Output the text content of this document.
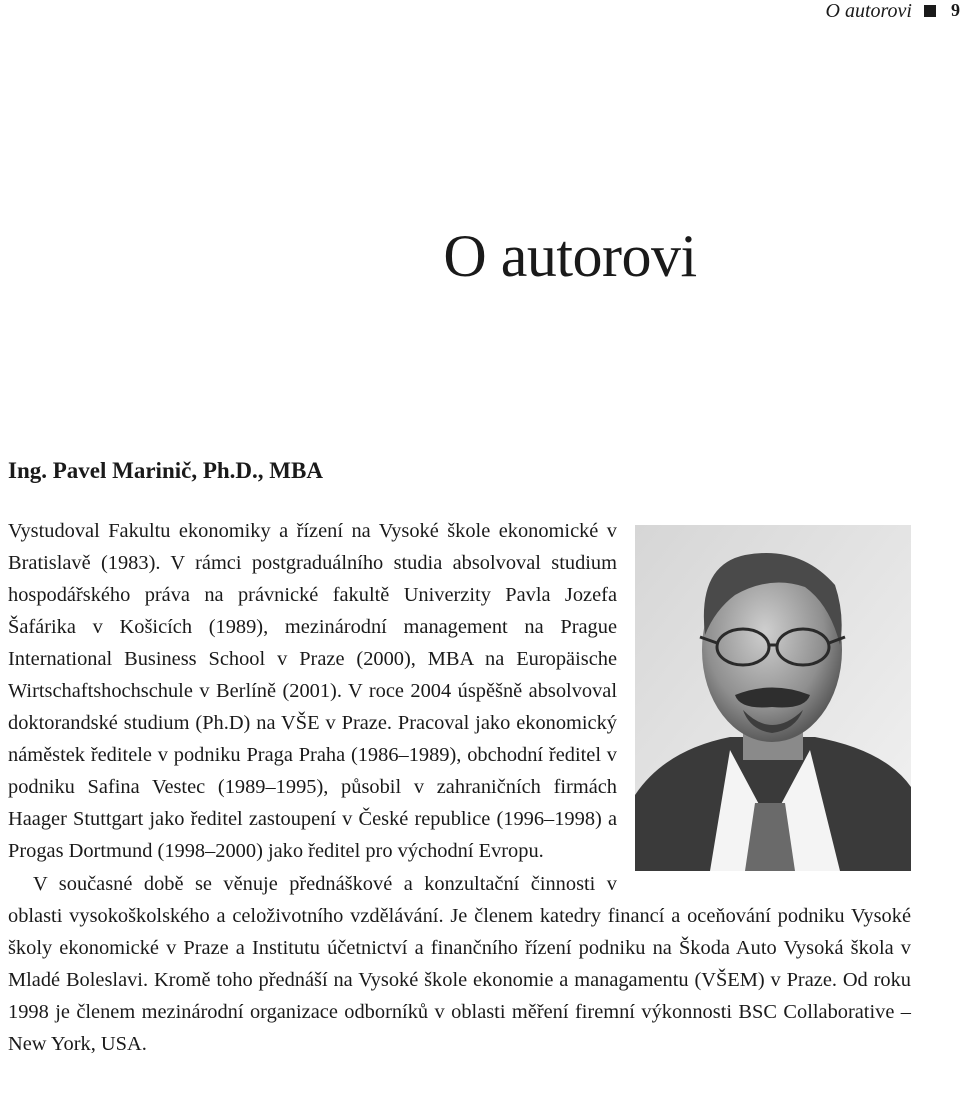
O autorovi 9
O autorovi
Ing. Pavel Marinič, Ph.D., MBA

Vystudoval Fakultu ekonomiky a řízení na Vysoké škole ekonomické v Bratislavě (1983). V rámci postgraduálního studia absolvoval studium hospodářského práva na právnické fakultě Univerzity Pavla Jozefa Šafárika v Košicích (1989), mezinárodní management na Prague International Business School v Praze (2000), MBA na Europäische Wirtschaftshochschule v Berlíně (2001). V roce 2004 úspěšně absolvoval doktorandské studium (Ph.D) na VŠE v Praze. Pracoval jako ekonomický náměstek ředitele v podniku Praga Praha (1986–1989), obchodní ředitel v podniku Safina Vestec (1989–1995), působil v zahraničních firmách Haager Stuttgart jako ředitel zastoupení v České republice (1996–1998) a Progas Dortmund (1998–2000) jako ředitel pro východní Evropu.

V současné době se věnuje přednáškové a konzultační činnosti v oblasti vysokoškolského a celoživotního vzdělávání. Je členem katedry financí a oceňování podniku Vysoké školy ekonomické v Praze a Institutu účetnictví a finančního řízení podniku na Škoda Auto Vysoká škola v Mladé Boleslavi. Kromě toho přednáší na Vysoké škole ekonomie a managamentu (VŠEM) v Praze. Od roku 1998 je členem mezinárodní organizace odborníků v oblasti měření firemní výkonnosti BSC Collaborative – New York, USA.
